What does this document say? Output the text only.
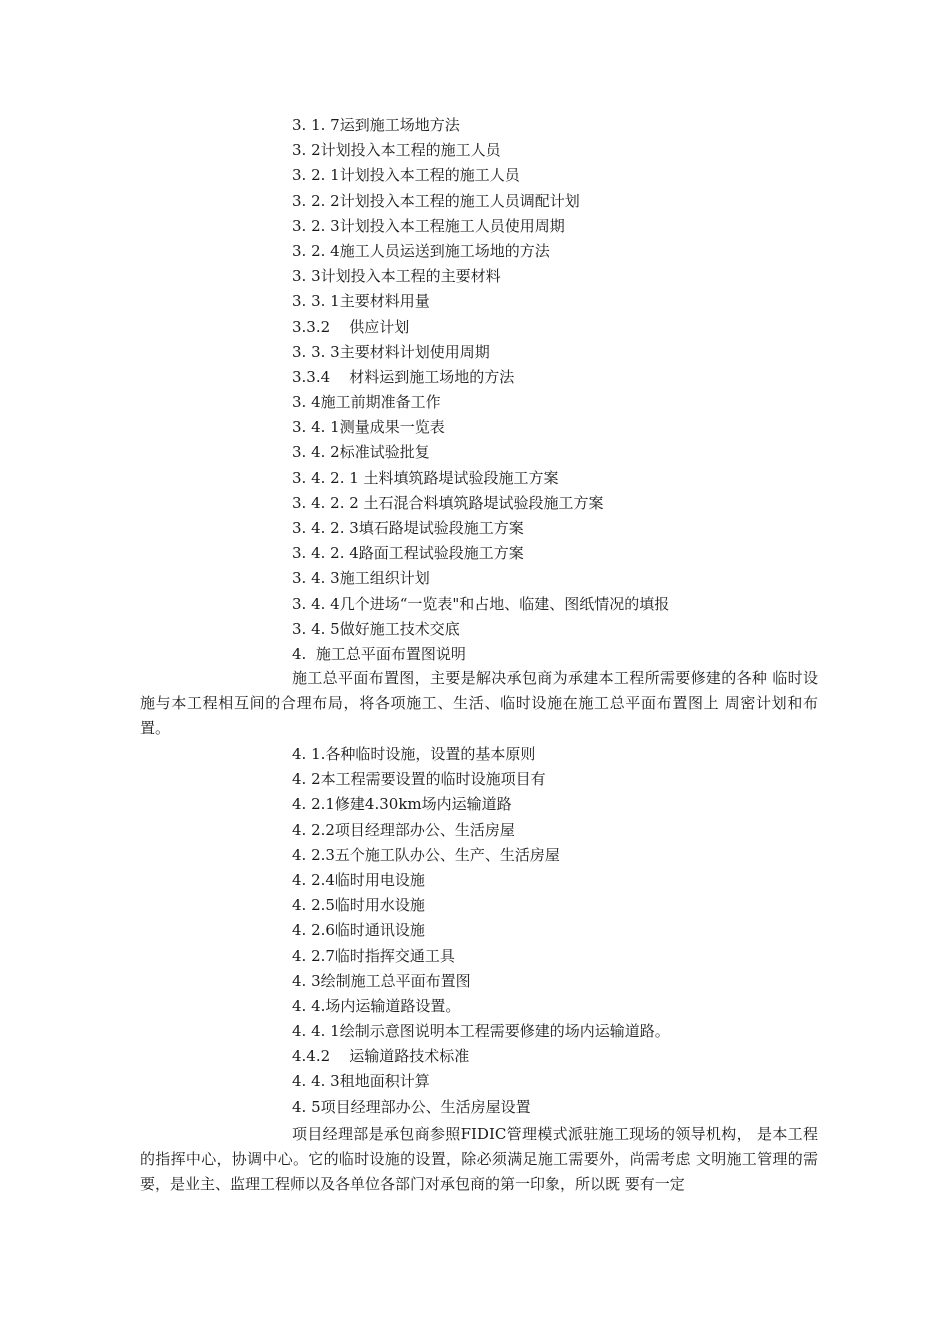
3. 1. 7运到施工场地方法
3. 2计划投入本工程的施工人员
3. 2. 1计划投入本工程的施工人员
3. 2. 2计划投入本工程的施工人员调配计划
3. 2. 3计划投入本工程施工人员使用周期
3. 2. 4施工人员运送到施工场地的方法
3. 3计划投入本工程的主要材料
3. 3. 1主要材料用量
3.3.2    供应计划
3. 3. 3主要材料计划使用周期
3.3.4    材料运到施工场地的方法
3. 4施工前期准备工作
3. 4. 1测量成果一览表
3. 4. 2标准试验批复
3. 4. 2. 1 土料填筑路堤试验段施工方案
3. 4. 2. 2 土石混合料填筑路堤试验段施工方案
3. 4. 2. 3填石路堤试验段施工方案
3. 4. 2. 4路面工程试验段施工方案
3. 4. 3施工组织计划
3. 4. 4几个进场“一览表"和占地、临建、图纸情况的填报
3. 4. 5做好施工技术交底
4.  施工总平面布置图说明
施工总平面布置图，主要是解决承包商为承建本工程所需要修建的各种 临时设施与本工程相互间的合理布局，将各项施工、生活、临时设施在施工总平面布置图上 周密计划和布置。
4. 1.各种临时设施，设置的基本原则
4. 2本工程需要设置的临时设施项目有
4. 2.1修建4.30km场内运输道路
4. 2.2项目经理部办公、生活房屋
4. 2.3五个施工队办公、生产、生活房屋
4. 2.4临时用电设施
4. 2.5临时用水设施
4. 2.6临时通讯设施
4. 2.7临时指挥交通工具
4. 3绘制施工总平面布置图
4. 4.场内运输道路设置。
4. 4. 1绘制示意图说明本工程需要修建的场内运输道路。
4.4.2    运输道路技术标准
4. 4. 3租地面积计算
4. 5项目经理部办公、生活房屋设置
项目经理部是承包商参照FIDIC管理模式派驻施工现场的领导机构， 是本工程的指挥中心，协调中心。它的临时设施的设置，除必须满足施工需要外，尚需考虑 文明施工管理的需要，是业主、监理工程师以及各单位各部门对承包商的第一印象，所以既 要有一定
